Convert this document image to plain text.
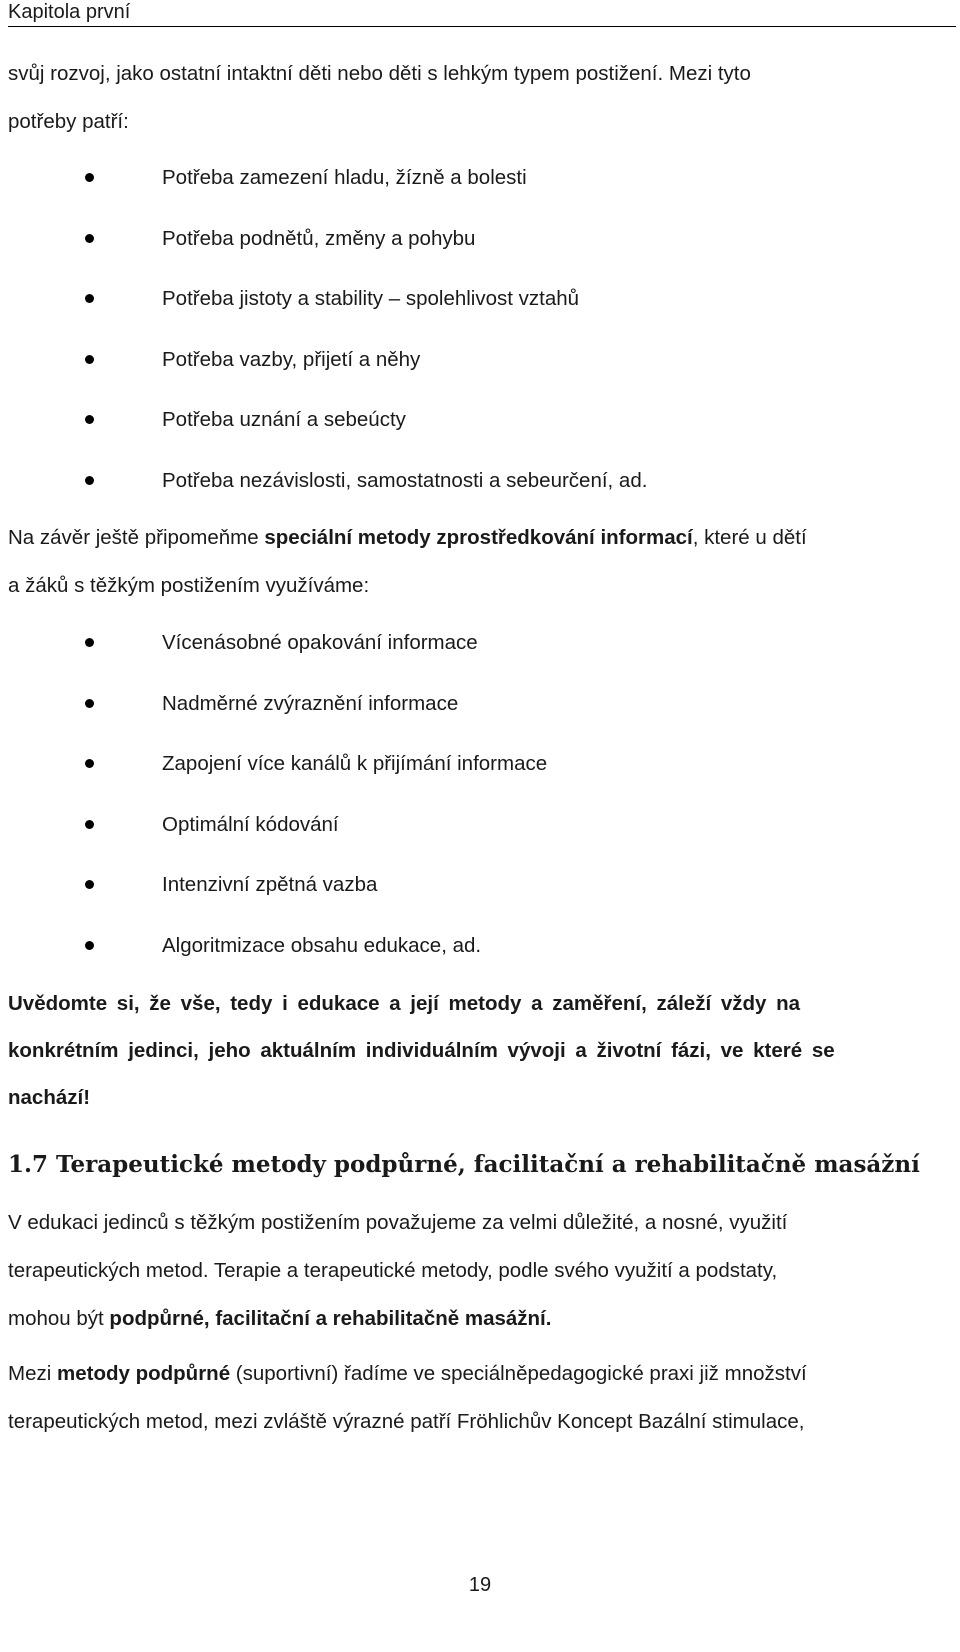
Kapitola první

svůj rozvoj, jako ostatní intaktní děti nebo děti s lehkým typem postižení. Mezi tyto
potřeby patří:

Potřeba zamezení hladu, žízně a bolesti
Potřeba podnětů, změny a pohybu
Potřeba jistoty a stability – spolehlivost vztahů
Potřeba vazby, přijetí a něhy
Potřeba uznání a sebeúcty
Potřeba nezávislosti, samostatnosti a sebeurčení, ad.

Na závěr ještě připomeňme speciální metody zprostředkování informací, které u dětí
a žáků s těžkým postižením využíváme:

Vícenásobné opakování informace
Nadměrné zvýraznění informace
Zapojení více kanálů k přijímání informace
Optimální kódování
Intenzivní zpětná vazba
Algoritmizace obsahu edukace, ad.

Uvědomte si, že vše, tedy i edukace a její metody a zaměření, záleží vždy na
konkrétním jedinci, jeho aktuálním individuálním vývoji a životní fázi, ve které se
nachází!

1.7 Terapeutické metody podpůrné, facilitační a rehabilitačně masážní

V edukaci jedinců s těžkým postižením považujeme za velmi důležité, a nosné, využití
terapeutických metod. Terapie a terapeutické metody, podle svého využití a podstaty,
mohou být podpůrné, facilitační a rehabilitačně masážní.

Mezi metody podpůrné (suportivní) řadíme ve speciálněpedagogické praxi již množství
terapeutických metod, mezi zvláště výrazné patří Fröhlichův Koncept Bazální stimulace,

19
